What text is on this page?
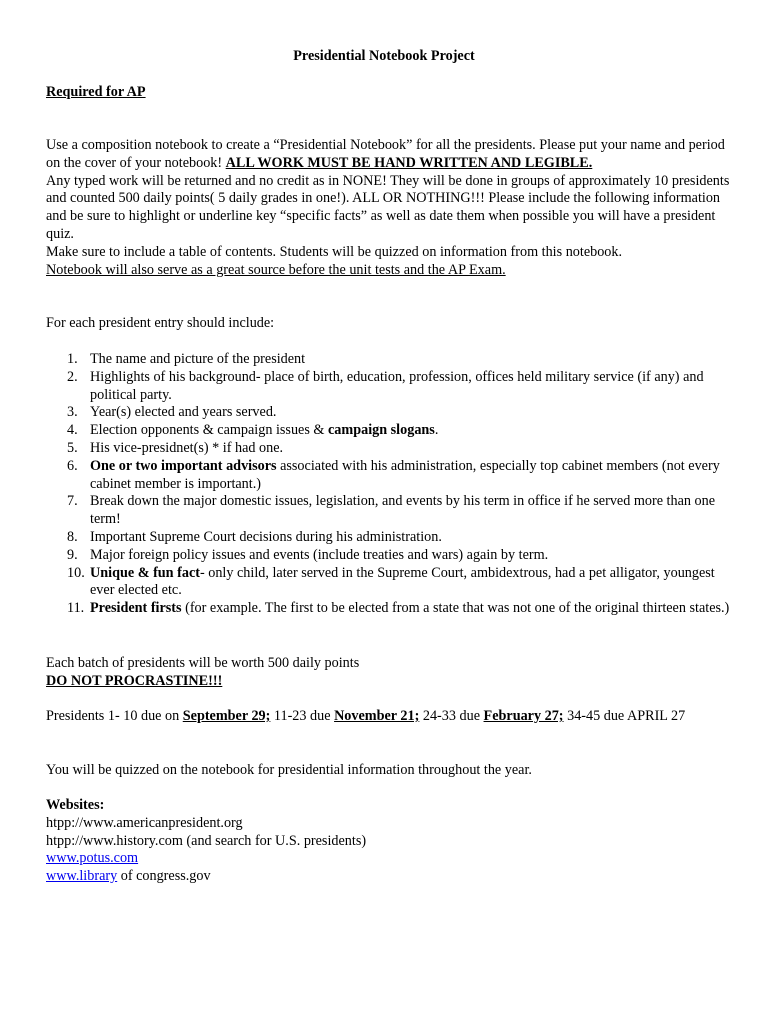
Presidential Notebook Project
Required for AP

Use a composition notebook to create a “Presidential Notebook” for all the presidents. Please put your name and period on the cover of your notebook! ALL WORK MUST BE HAND WRITTEN AND LEGIBLE.

Any typed work will be returned and no credit as in NONE! They will be done in groups of approximately 10 presidents and counted 500 daily points( 5 daily grades in one!). ALL OR NOTHING!!! Please include the following information and be sure to highlight or underline key “specific facts” as well as date them when possible you will have a president quiz.

Make sure to include a table of contents. Students will be quizzed on information from this notebook.

Notebook will also serve as a great source before the unit tests and the AP Exam.

For each president entry should include:
1. The name and picture of the president
2. Highlights of his background- place of birth, education, profession, offices held military service (if any) and political party.
3. Year(s) elected and years served.
4. Election opponents & campaign issues & campaign slogans.
5. His vice-presidnet(s) * if had one.
6. One or two important advisors associated with his administration, especially top cabinet members (not every cabinet member is important.)
7. Break down the major domestic issues, legislation, and events by his term in office if he served more than one term!
8. Important Supreme Court decisions during his administration.
9. Major foreign policy issues and events (include treaties and wars) again by term.
10. Unique & fun fact- only child, later served in the Supreme Court, ambidextrous, had a pet alligator, youngest ever elected etc.
11. President firsts (for example. The first to be elected from a state that was not one of the original thirteen states.)

Each batch of presidents will be worth 500 daily points

DO NOT PROCRASTINE!!!

Presidents 1- 10 due on September 29; 11-23 due November 21; 24-33 due February 27; 34-45 due APRIL 27

You will be quizzed on the notebook for presidential information throughout the year.

Websites:

htpp://www.americanpresident.org

htpp://www.history.com (and search for U.S. presidents)

www.potus.com

www.library of congress.gov
